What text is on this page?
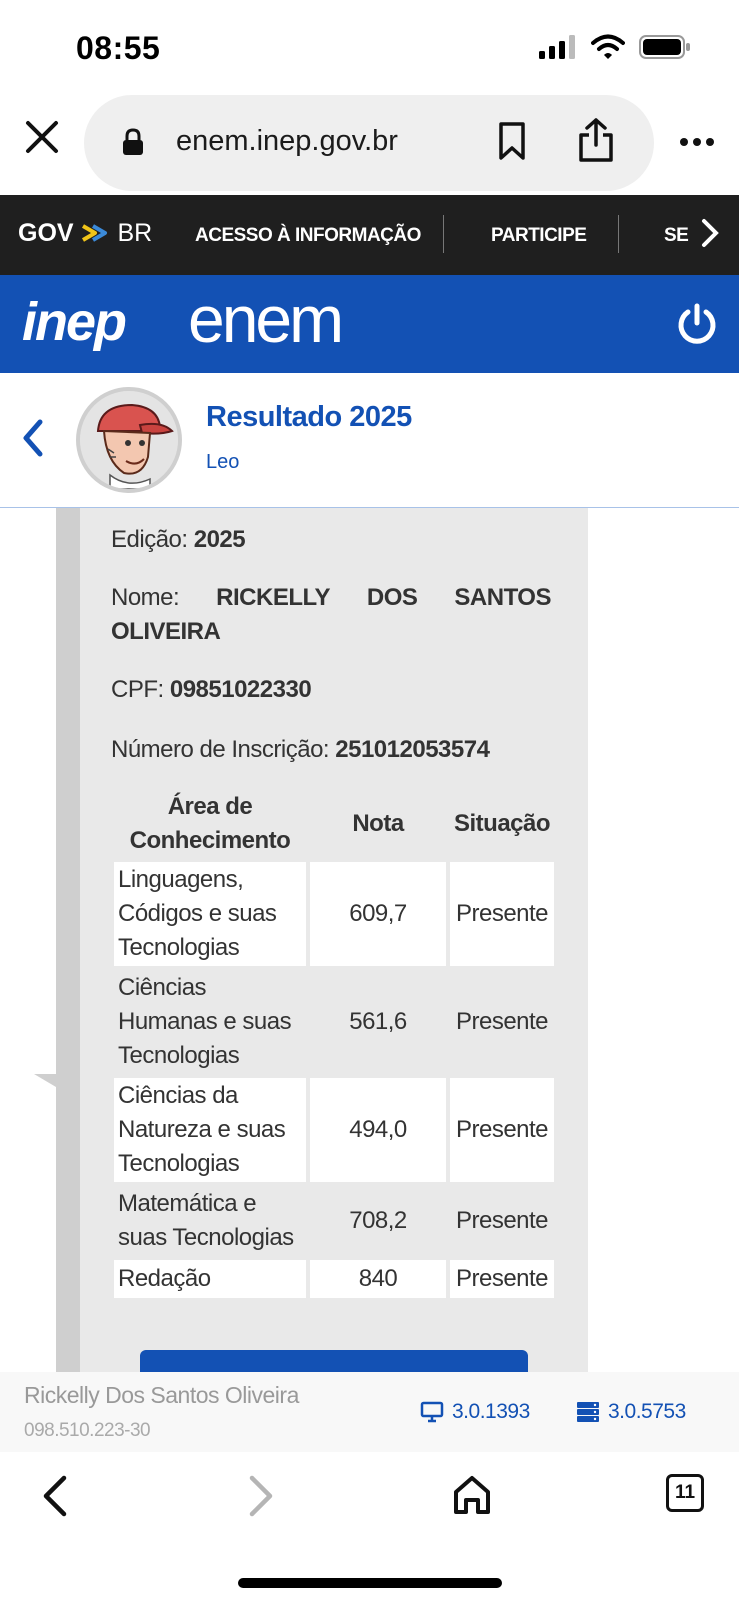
08:55
enem.inep.gov.br
GOV BR ACESSO À INFORMAÇÃO	PARTICIPE	SE
inep enem
Resultado 2025
Leo
Edição: 2025
Nome: RICKELLY DOS SANTOS
OLIVEIRA
CPF: 09851022330
Número de Inscrição: 251012053574
Área de
Conhecimento
Nota	Situação
Linguagens,
Códigos e suas
Tecnologias
609,7 Presente
Ciências
Humanas e suas
Tecnologias
561,6 Presente
Ciências da
Natureza e suas
Tecnologias
494,0 Presente
Matemática e
suas Tecnologias
708,2 Presente
Redação	840 Presente
Rickelly Dos Santos Oliveira
098.510.223-30
3.0.1393	3.0.5753
11
